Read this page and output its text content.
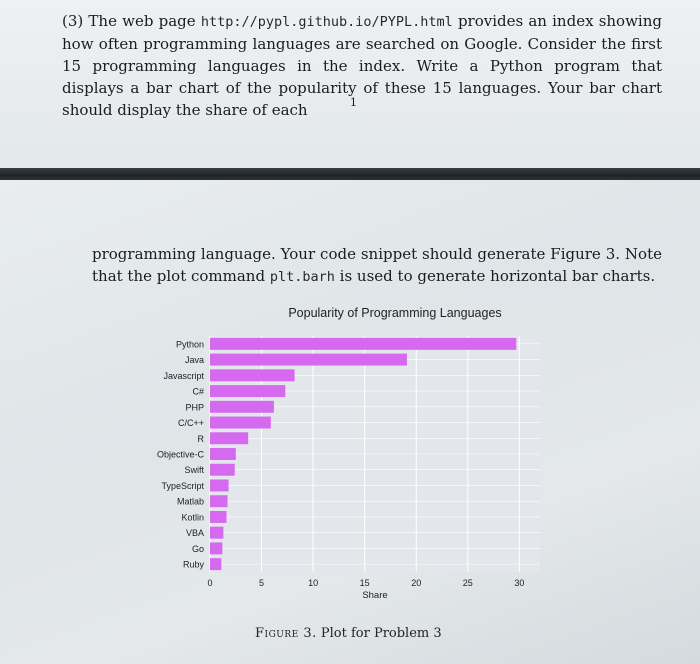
(3) The web page http://pypl.github.io/PYPL.html provides an index showing how often programming languages are searched on Google. Consider the first 15 programming languages in the index. Write a Python program that displays a bar chart of the popularity of these 15 languages. Your bar chart should display the share of each	1
programming language. Your code snippet should generate Figure 3. Note that the plot command plt.barh is used to generate horizontal bar charts.
Popularity of Programming Languages
Python
Java
Javascript
C#
PHP
C/C++
R
Objective-C
Swift
TypeScript
Matlab
Kotlin
VBA
Go
Ruby
0	5	10	15	20	25	30
Share
Figure 3. Plot for Problem 3
